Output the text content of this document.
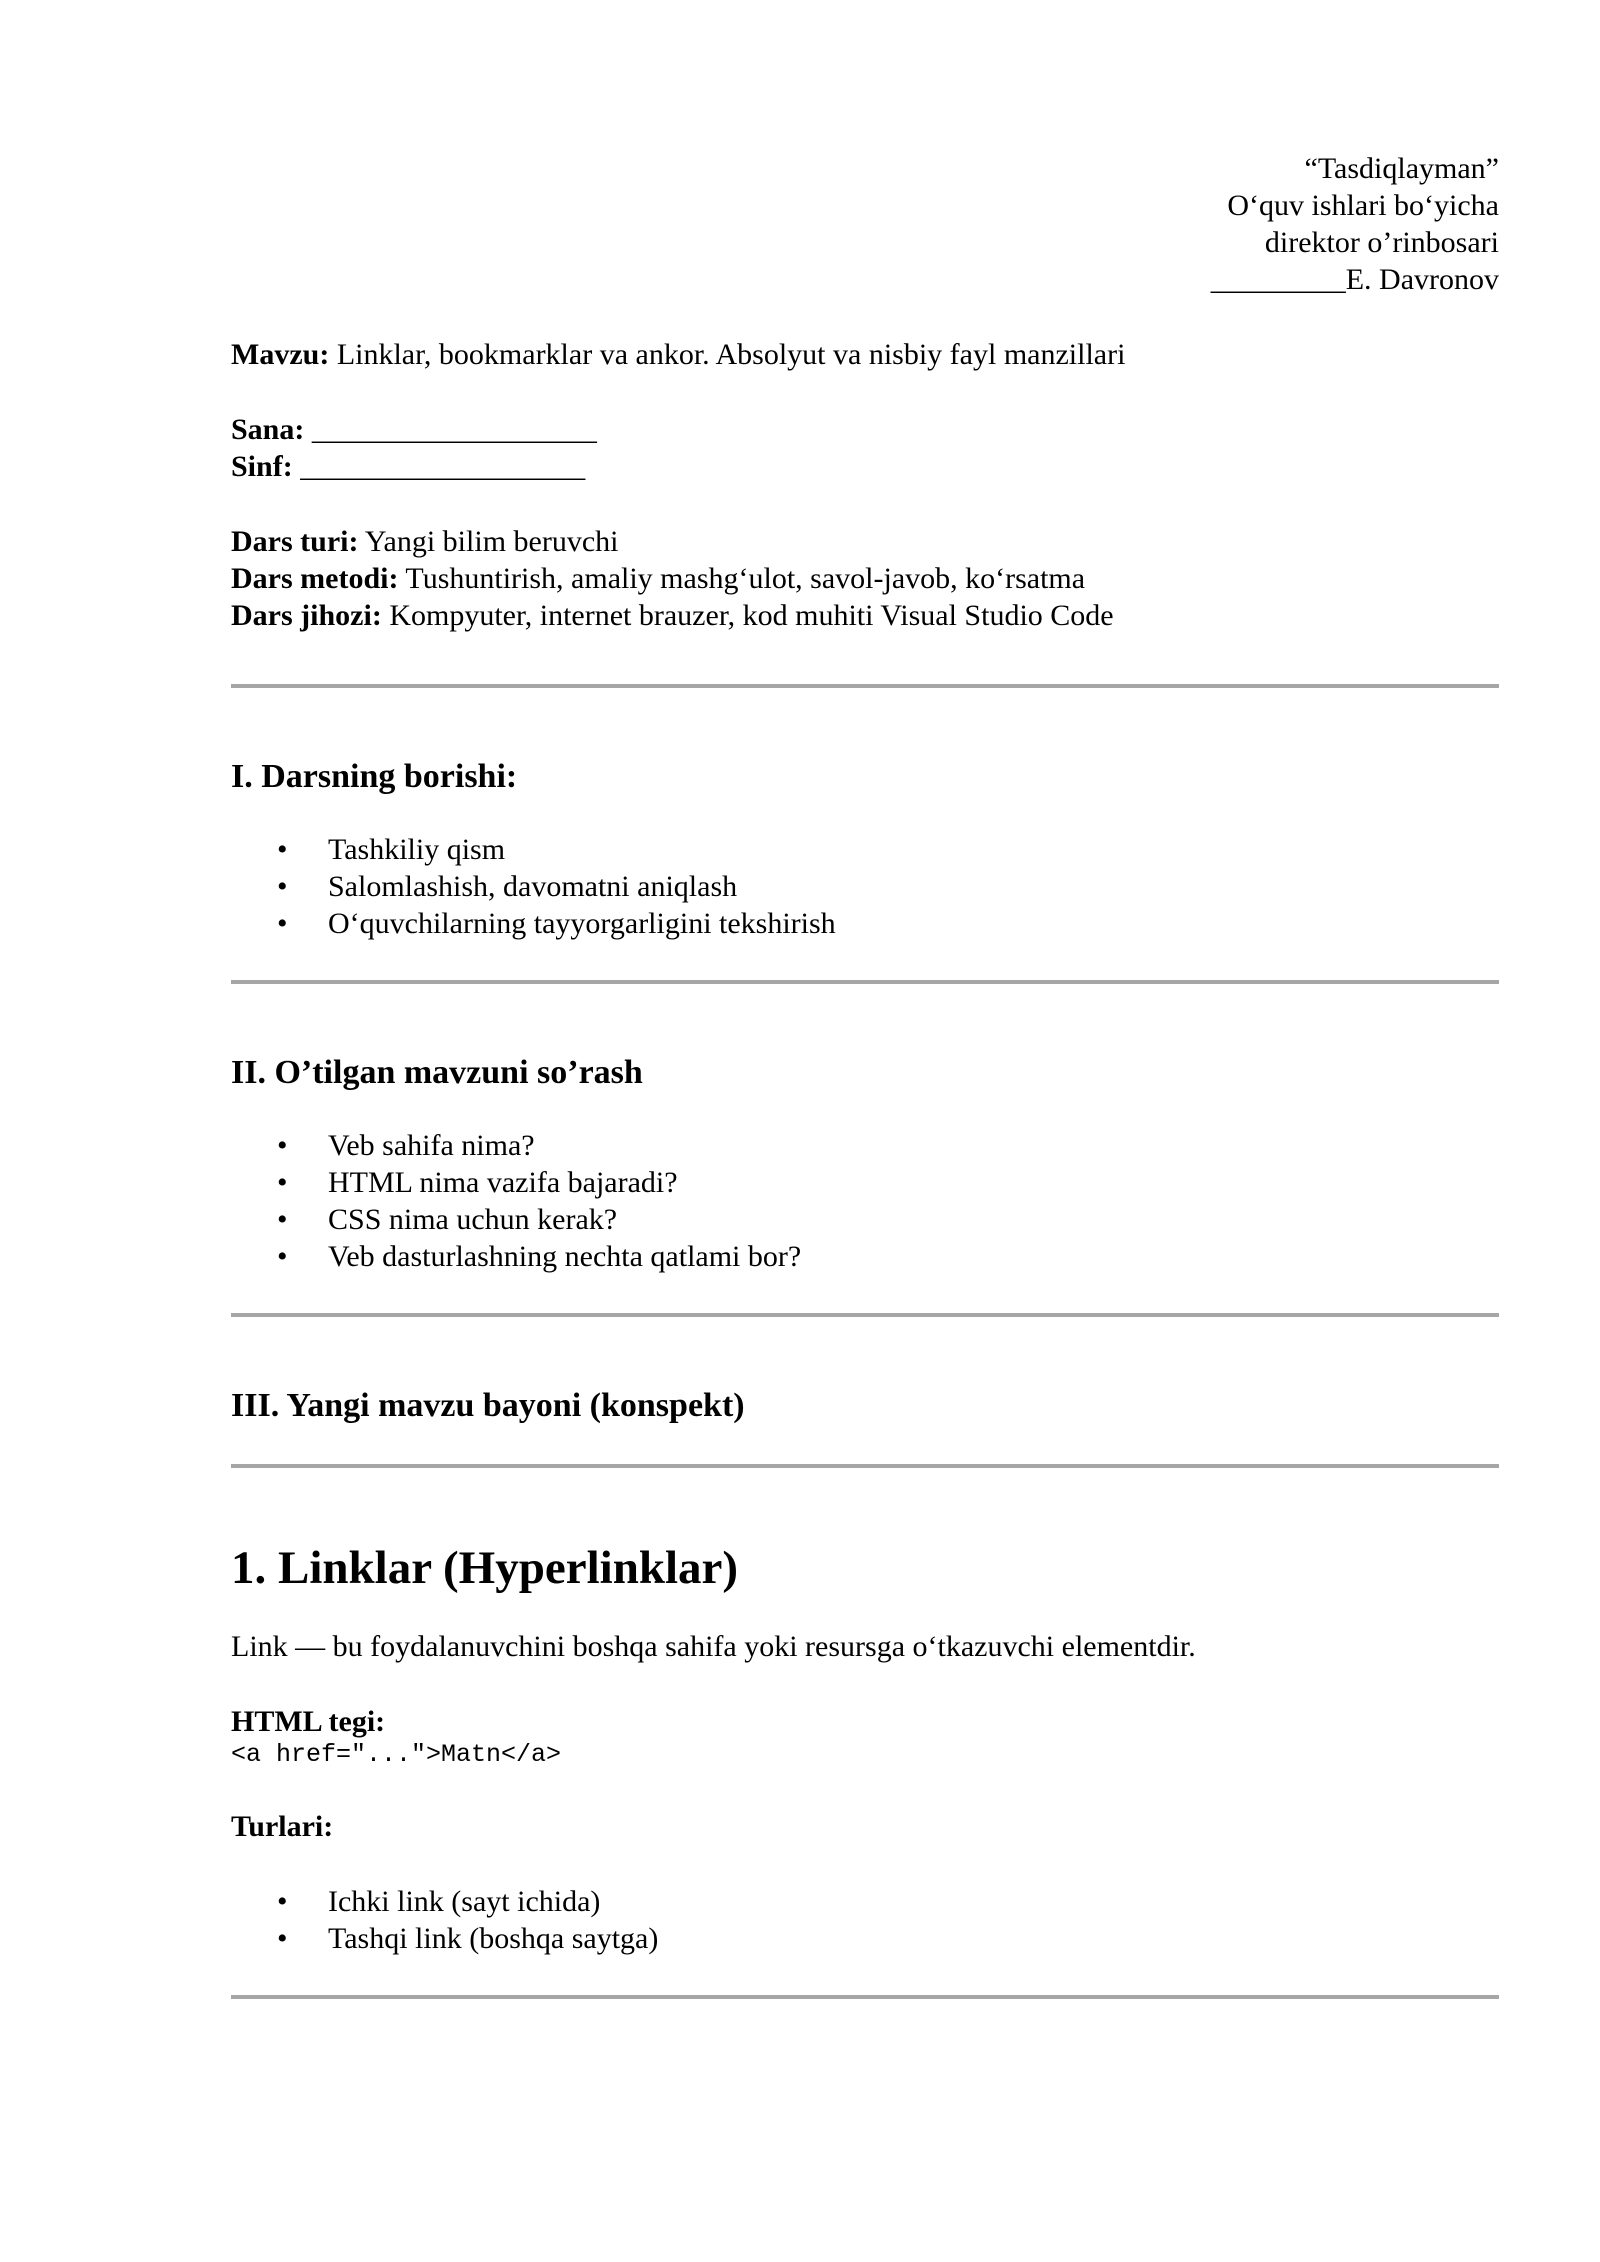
“Tasdiqlayman”
O‘quv ishlari bo‘yicha
direktor o’rinbosari
_________E. Davronov
Mavzu: Linklar, bookmarklar va ankor. Absolyut va nisbiy fayl manzillari
Sana: ___________________
Sinf: ___________________
Dars turi: Yangi bilim beruvchi
Dars metodi: Tushuntirish, amaliy mashg‘ulot, savol-javob, ko‘rsatma
Dars jihozi: Kompyuter, internet brauzer, kod muhiti Visual Studio Code
I. Darsning borishi:
• Tashkiliy qism
• Salomlashish, davomatni aniqlash
• O‘quvchilarning tayyorgarligini tekshirish
II. O’tilgan mavzuni so’rash
• Veb sahifa nima?
• HTML nima vazifa bajaradi?
• CSS nima uchun kerak?
• Veb dasturlashning nechta qatlami bor?
III. Yangi mavzu bayoni (konspekt)
1. Linklar (Hyperlinklar)

Link — bu foydalanuvchini boshqa sahifa yoki resursga o‘tkazuvchi elementdir.

HTML tegi:
<a href="...">Matn</a>
Turlari:
• Ichki link (sayt ichida)
• Tashqi link (boshqa saytga)
